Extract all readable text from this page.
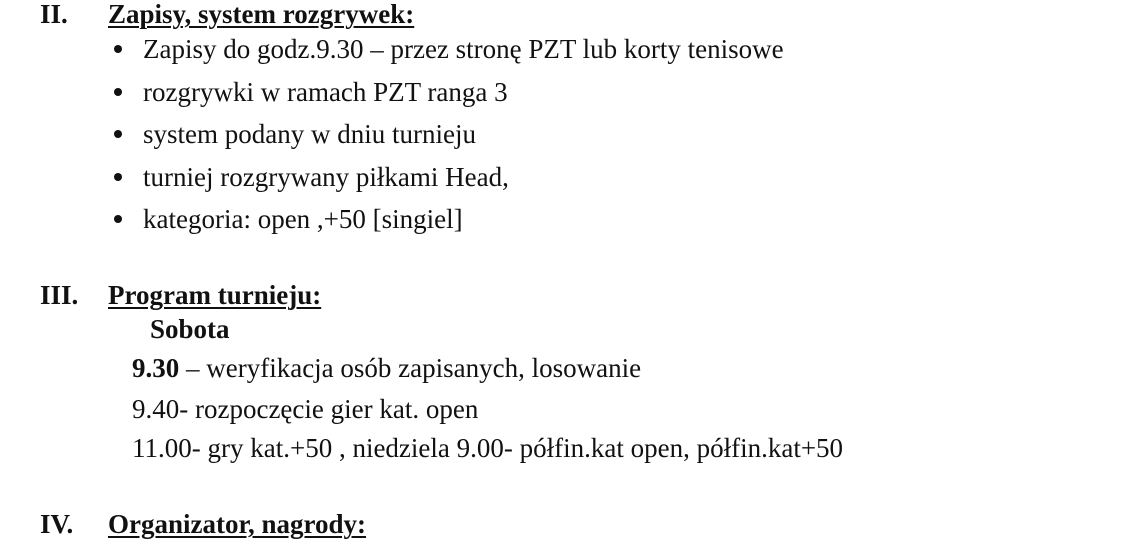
II. Zapisy, system rozgrywek:
Zapisy do godz.9.30 – przez stronę PZT lub korty tenisowe
rozgrywki w ramach PZT ranga 3
system podany w dniu turnieju
turniej rozgrywany piłkami Head,
kategoria: open ,+50 [singiel]
III. Program turnieju:
Sobota
9.30 – weryfikacja osób zapisanych, losowanie
9.40- rozpoczęcie gier kat. open
11.00- gry kat.+50 , niedziela 9.00- półfin.kat open, półfin.kat+50
IV. Organizator, nagrody:
